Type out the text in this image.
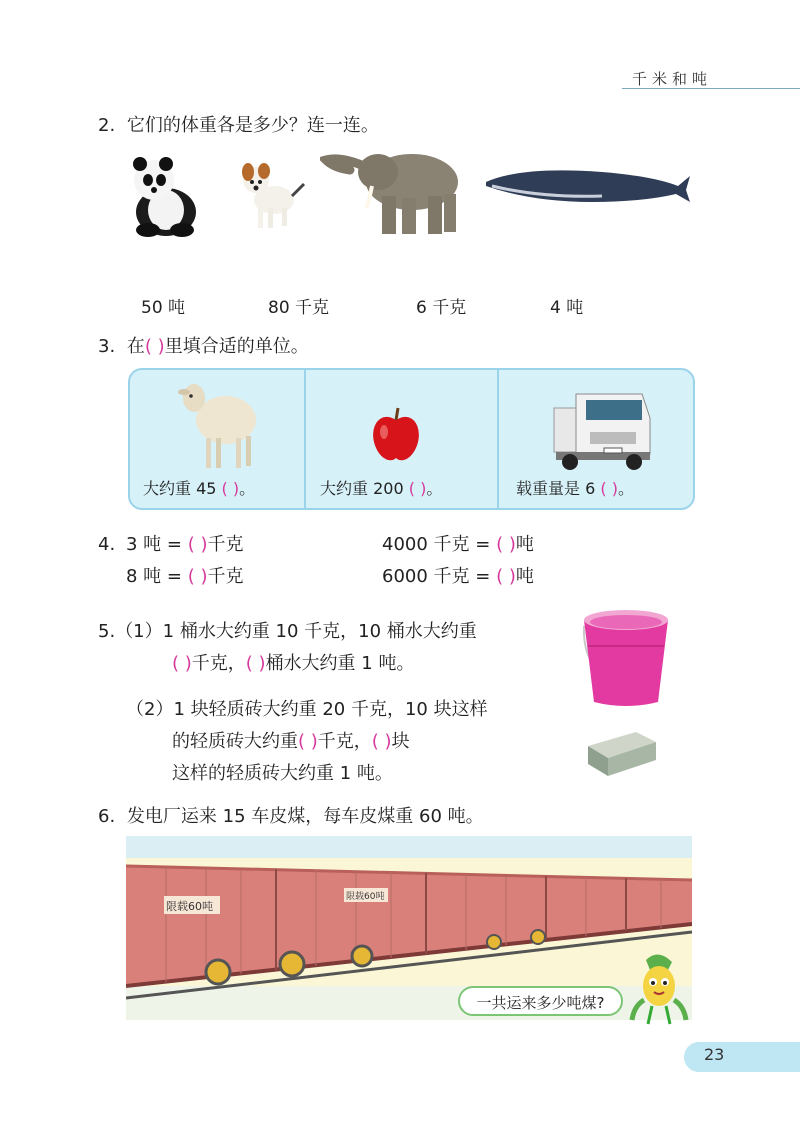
千米和吨
2. 它们的体重各是多少？连一连。
50 吨	80 千克	6 千克	4 吨
3. 在( )里填合适的单位。
大约重 45 ( )。	大约重 200 ( )。	载重量是 6 ( )。
4. 3 吨 = ( )千克	4000 千克 = ( )吨
8 吨 = ( )千克	6000 千克 = ( )吨
5.（1）1 桶水大约重 10 千克，10 桶水大约重
( )千克，( )桶水大约重 1 吨。
（2）1 块轻质砖大约重 20 千克，10 块这样
的轻质砖大约重( )千克，( )块
这样的轻质砖大约重 1 吨。
6. 发电厂运来 15 车皮煤，每车皮煤重 60 吨。
限载60吨
限载60吨
一共运来多少吨煤?
23
